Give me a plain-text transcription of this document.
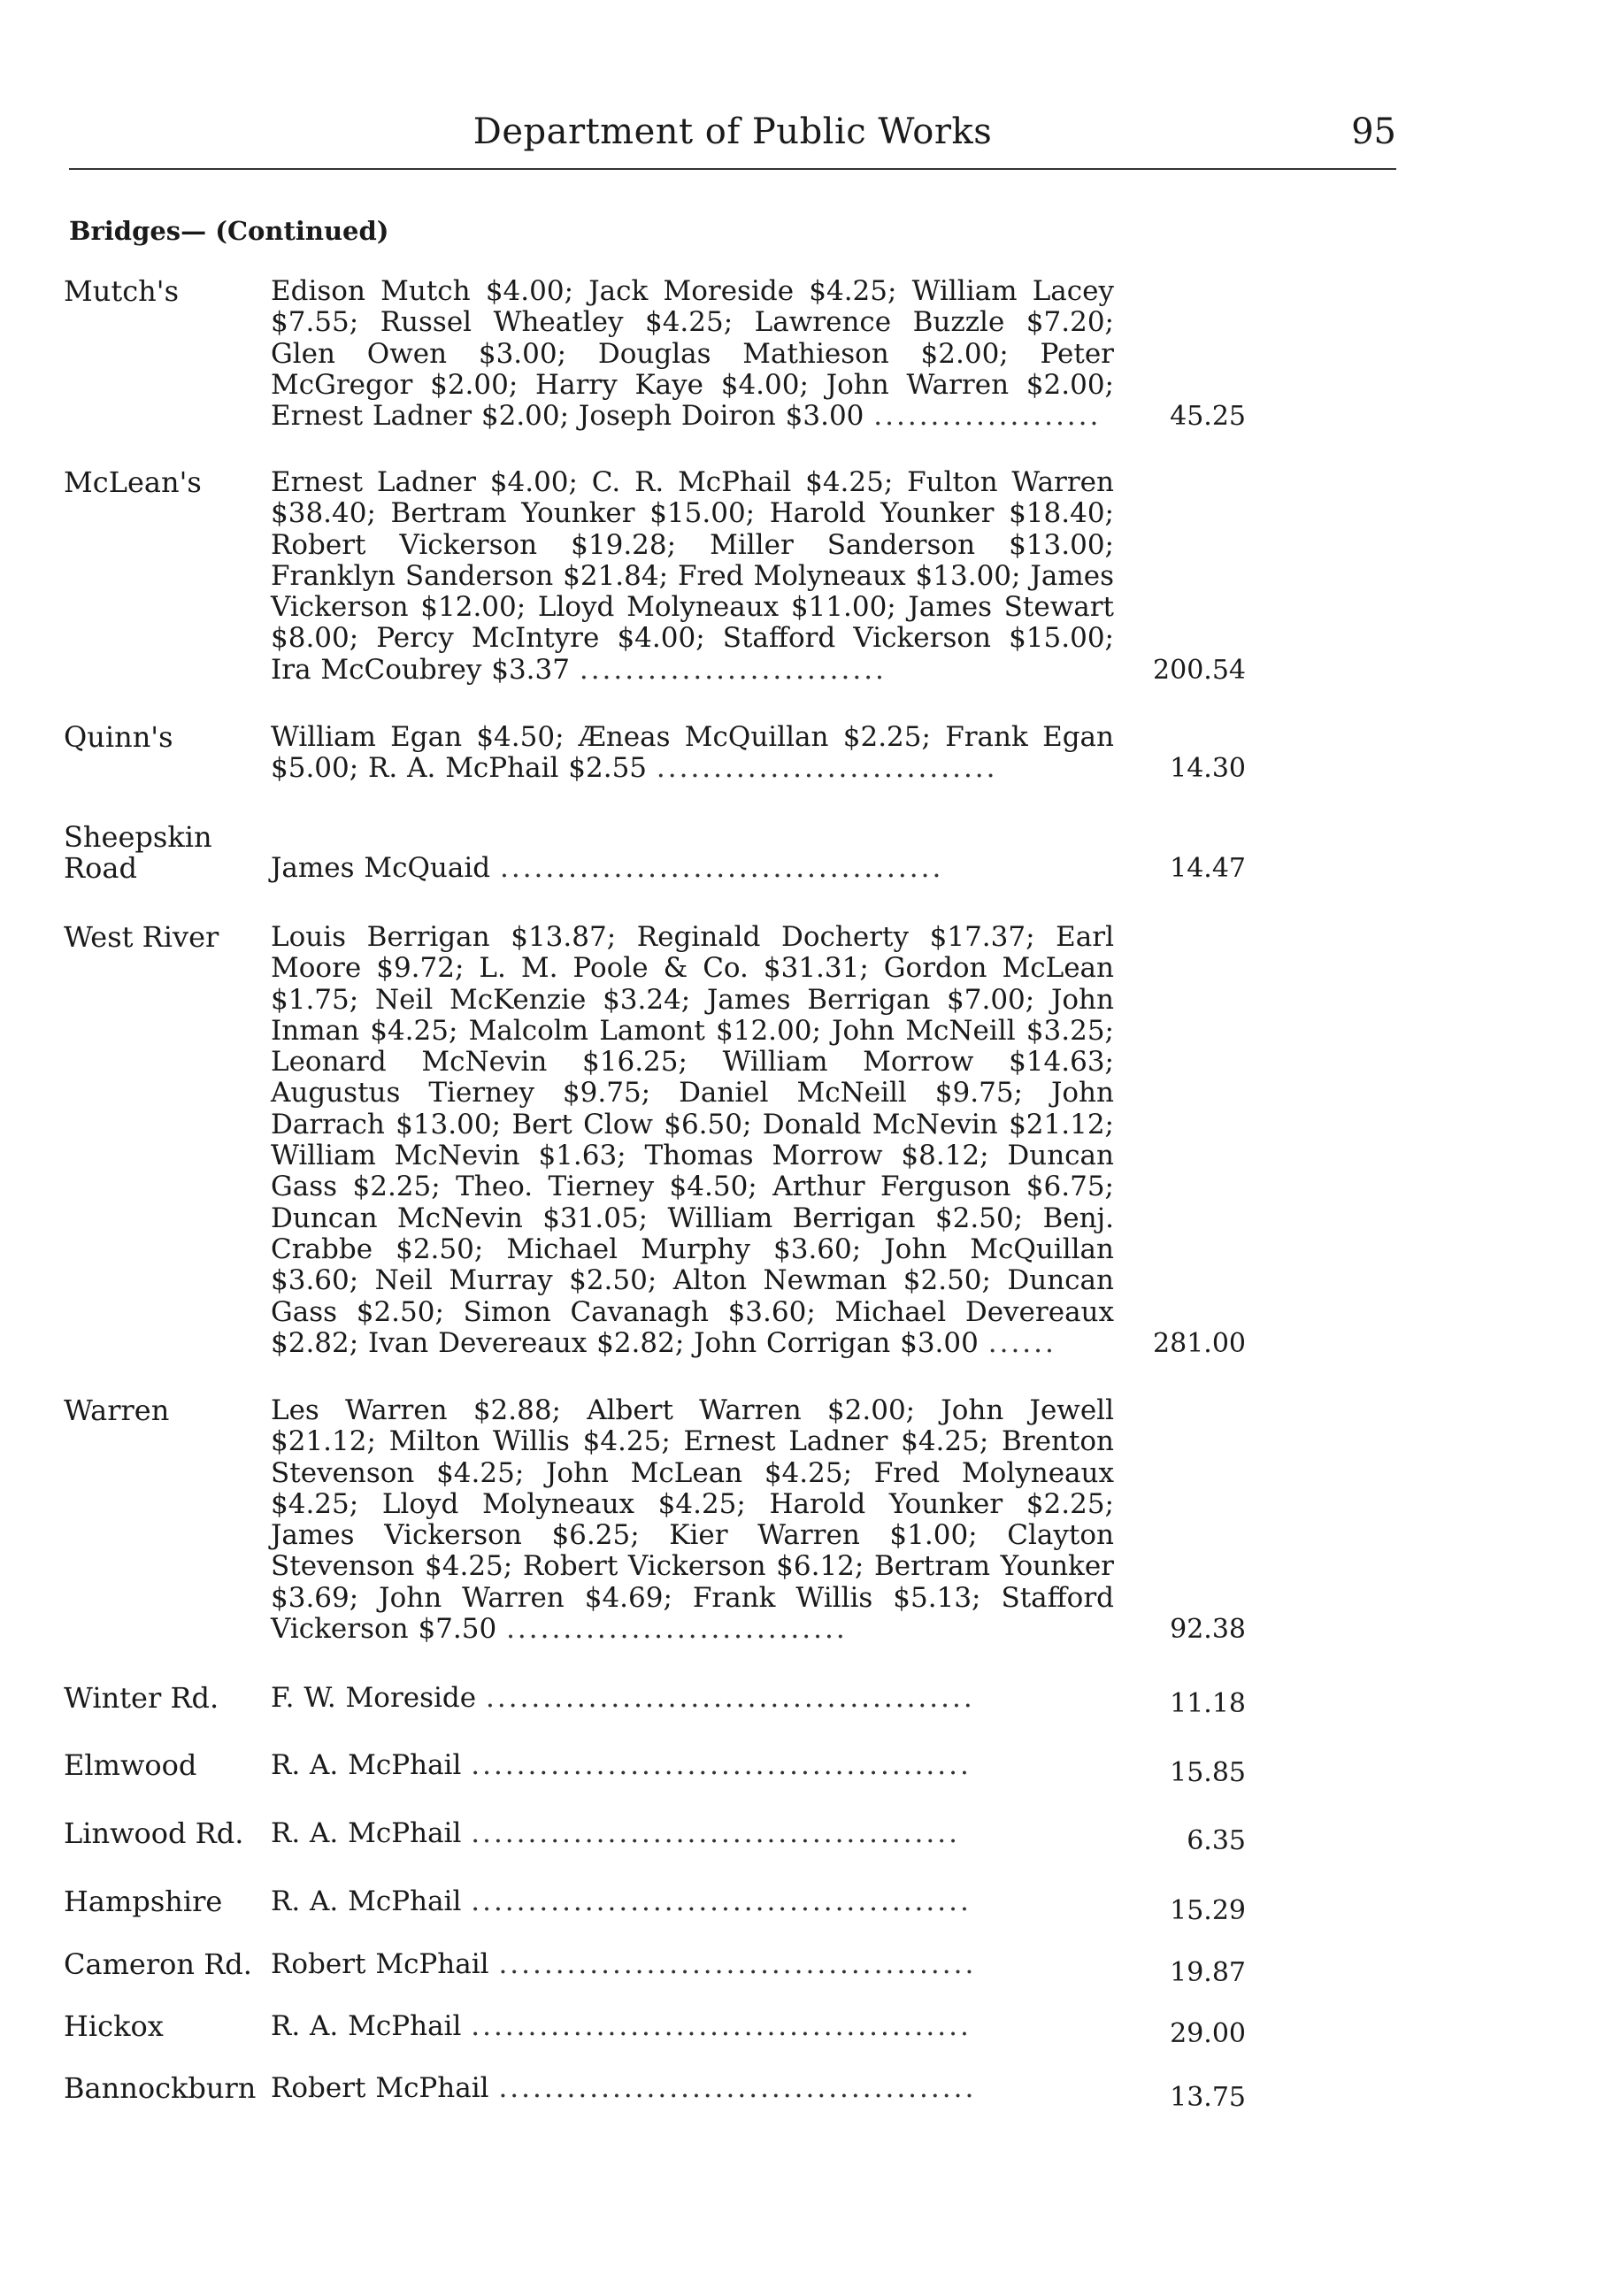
Department of Public Works	95
Bridges— (Continued)
Mutch's	Edison Mutch $4.00; Jack Moreside $4.25; William Lacey $7.55; Russel Wheatley $4.25; Lawrence Buzzle $7.20; Glen Owen $3.00; Douglas Mathieson $2.00; Peter McGregor $2.00; Harry Kaye $4.00; John Warren $2.00; Ernest Ladner $2.00; Joseph Doiron $3.00 ....................	45.25
McLean's	Ernest Ladner $4.00; C. R. McPhail $4.25; Fulton Warren $38.40; Bertram Younker $15.00; Harold Younker $18.40; Robert Vickerson $19.28; Miller Sanderson $13.00; Franklyn Sanderson $21.84; Fred Molyneaux $13.00; James Vickerson $12.00; Lloyd Molyneaux $11.00; James Stewart $8.00; Percy McIntyre $4.00; Stafford Vickerson $15.00; Ira McCoubrey $3.37 ...........................	200.54
Quinn's	William Egan $4.50; Æneas McQuillan $2.25; Frank Egan $5.00; R. A. McPhail $2.55 ..............................	14.30
Sheepskin
Road	James McQuaid .......................................	14.47
West River	Louis Berrigan $13.87; Reginald Docherty $17.37; Earl Moore $9.72; L. M. Poole & Co. $31.31; Gordon McLean $1.75; Neil McKenzie $3.24; James Berrigan $7.00; John Inman $4.25; Malcolm Lamont $12.00; John McNeill $3.25; Leonard McNevin $16.25; William Morrow $14.63; Augustus Tierney $9.75; Daniel McNeill $9.75; John Darrach $13.00; Bert Clow $6.50; Donald McNevin $21.12; William McNevin $1.63; Thomas Morrow $8.12; Duncan Gass $2.25; Theo. Tierney $4.50; Arthur Ferguson $6.75; Duncan McNevin $31.05; William Berrigan $2.50; Benj. Crabbe $2.50; Michael Murphy $3.60; John McQuillan $3.60; Neil Murray $2.50; Alton Newman $2.50; Duncan Gass $2.50; Simon Cavanagh $3.60; Michael Devereaux $2.82; Ivan Devereaux $2.82; John Corrigan $3.00 ......	281.00
Warren	Les Warren $2.88; Albert Warren $2.00; John Jewell $21.12; Milton Willis $4.25; Ernest Ladner $4.25; Brenton Stevenson $4.25; John McLean $4.25; Fred Molyneaux $4.25; Lloyd Molyneaux $4.25; Harold Younker $2.25; James Vickerson $6.25; Kier Warren $1.00; Clayton Stevenson $4.25; Robert Vickerson $6.12; Bertram Younker $3.69; John Warren $4.69; Frank Willis $5.13; Stafford Vickerson $7.50 ..............................	92.38
Winter Rd.	F. W. Moreside ...........................................	11.18
Elmwood	R. A. McPhail ............................................	15.85
Linwood Rd. R. A. McPhail ...........................................	6.35
Hampshire	R. A. McPhail ............................................	15.29
Cameron Rd. Robert McPhail ..........................................	19.87
Hickox	R. A. McPhail ............................................	29.00
Bannockburn Robert McPhail ..........................................	13.75
